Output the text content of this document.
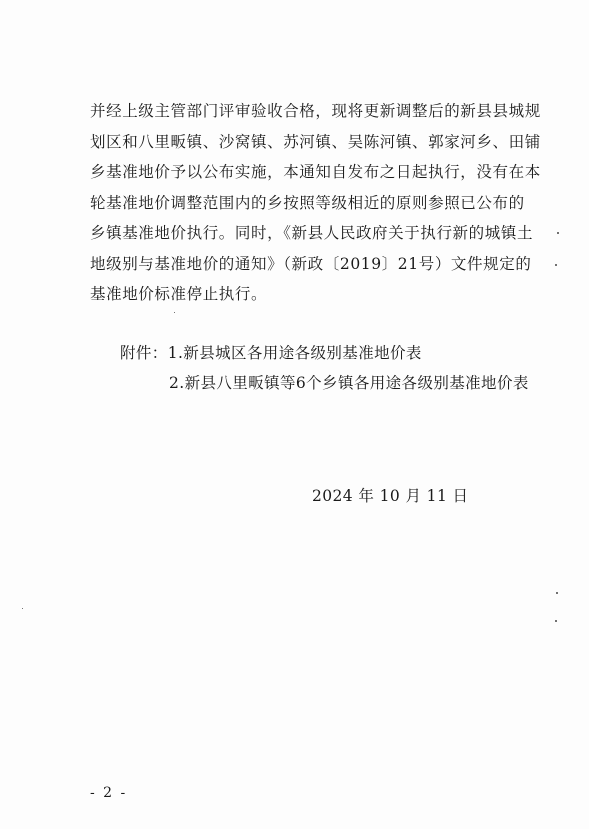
并经上级主管部门评审验收合格，现将更新调整后的新县县城规
划区和八里畈镇、沙窝镇、苏河镇、吴陈河镇、郭家河乡、田铺
乡基准地价予以公布实施，本通知自发布之日起执行，没有在本
轮基准地价调整范围内的乡按照等级相近的原则参照已公布的
乡镇基准地价执行。同时，《新县人民政府关于执行新的城镇土
地级别与基准地价的通知》（新政〔2019〕21号）文件规定的
基准地价标准停止执行。
附件：1.新县城区各用途各级别基准地价表
2.新县八里畈镇等6个乡镇各用途各级别基准地价表
2024 年 10 月 11 日
- 2 -
